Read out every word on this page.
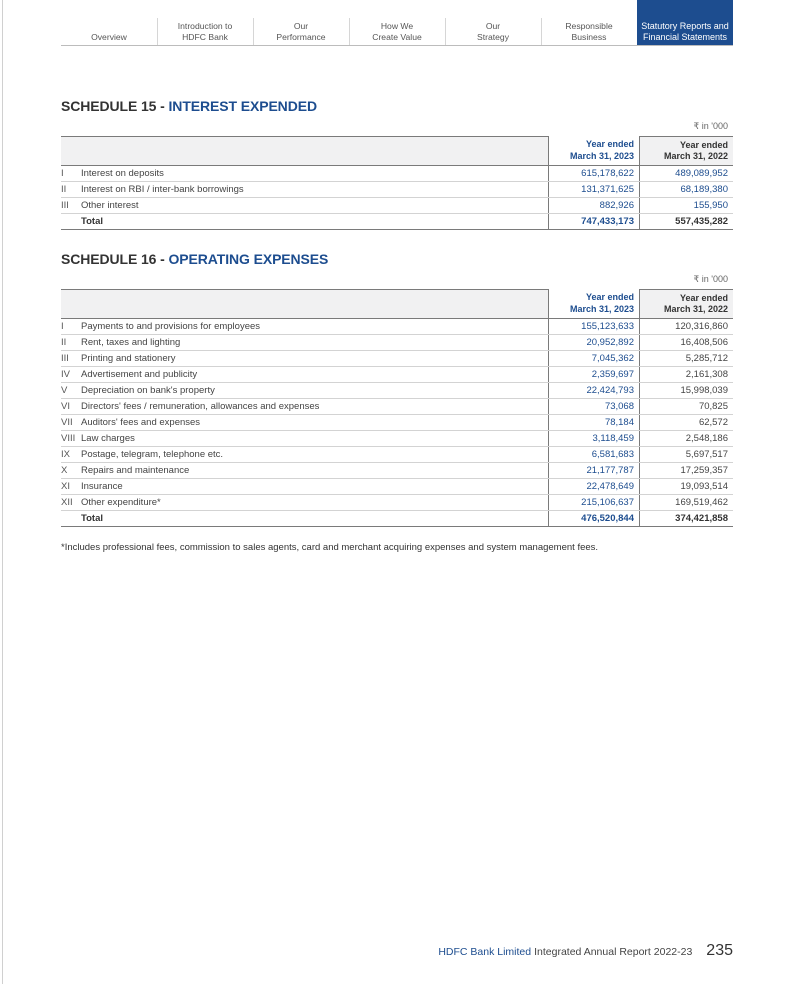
Overview
Introduction to
HDFC Bank
Our
Performance
How We
Create Value
Our
Strategy
Responsible
Business
Statutory Reports and
Financial Statements
SCHEDULE 15 - INTEREST EXPENDED
₹ in '000
Year ended
March 31, 2023
Year ended
March 31, 2022
I	Interest on deposits	615,178,622	489,089,952
II	Interest on RBI / inter-bank borrowings	131,371,625	68,189,380
III	Other interest	882,926	155,950
Total	747,433,173	557,435,282
SCHEDULE 16 - OPERATING EXPENSES
₹ in '000
Year ended
March 31, 2023
Year ended
March 31, 2022
I	Payments to and provisions for employees	155,123,633	120,316,860
II	Rent, taxes and lighting	20,952,892	16,408,506
III	Printing and stationery	7,045,362	5,285,712
IV	Advertisement and publicity	2,359,697	2,161,308
V	Depreciation on bank's property	22,424,793	15,998,039
VI	Directors' fees / remuneration, allowances and expenses	73,068	70,825
VII Auditors' fees and expenses	78,184	62,572
VIII Law charges	3,118,459	2,548,186
IX	Postage, telegram, telephone etc.	6,581,683	5,697,517
X	Repairs and maintenance	21,177,787	17,259,357
XI	Insurance	22,478,649	19,093,514
XII Other expenditure*	215,106,637	169,519,462
Total	476,520,844	374,421,858
*Includes professional fees, commission to sales agents, card and merchant acquiring expenses and system management fees.
HDFC Bank Limited Integrated Annual Report 2022-23 235
